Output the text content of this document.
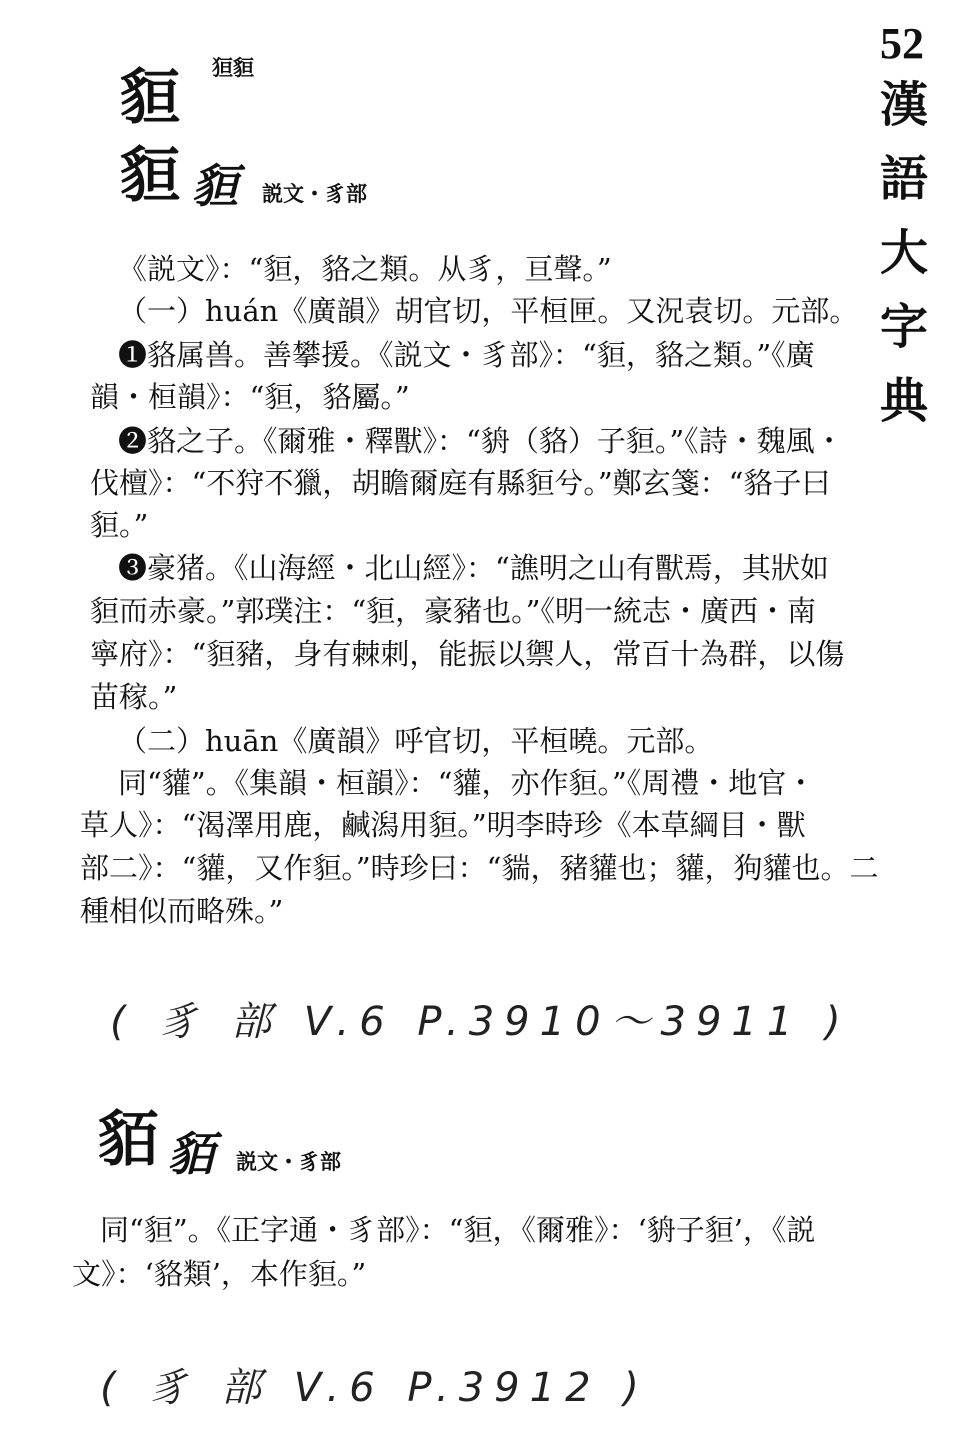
52
漢語大字典
貆 狟貆
貆 貆 説文・豸部
《説文》：“貆，貉之類。从豸，亘聲。”
（一）huán《廣韻》胡官切，平桓匣。又況袁切。元部。
❶貉属兽。善攀援。《説文・豸部》：“貆，貉之類。”《廣
韻・桓韻》：“貆，貉屬。”
❷貉之子。《爾雅・釋獸》：“貈（貉）子貆。”《詩・魏風・
伐檀》：“不狩不獵，胡瞻爾庭有縣貆兮。”鄭玄箋：“貉子曰
貆。”
❸豪猪。《山海經・北山經》：“譙明之山有獸焉，其狀如
貆而赤豪。”郭璞注：“貆，豪豬也。”《明一統志・廣西・南
寧府》：“貆豬，身有棘刺，能振以禦人，常百十為群，以傷
苗稼。”
（二）huān《廣韻》呼官切，平桓曉。元部。
同“貛”。《集韻・桓韻》：“貛，亦作貆。”《周禮・地官・
草人》：“渴澤用鹿，鹹潟用貆。”明李時珍《本草綱目・獸
部二》：“貛，又作貆。”時珍曰：“貒，豬貛也；貛，狗貛也。二
種相似而略殊。”
( 豸 部 V.6 P.3910～3911 )
貊 貊 説文・豸部
同“貆”。《正字通・豸部》：“貆，《爾雅》：‘貈子貆’，《説
文》：‘貉類’，本作貆。”
( 豸 部 V.6 P.3912 )
